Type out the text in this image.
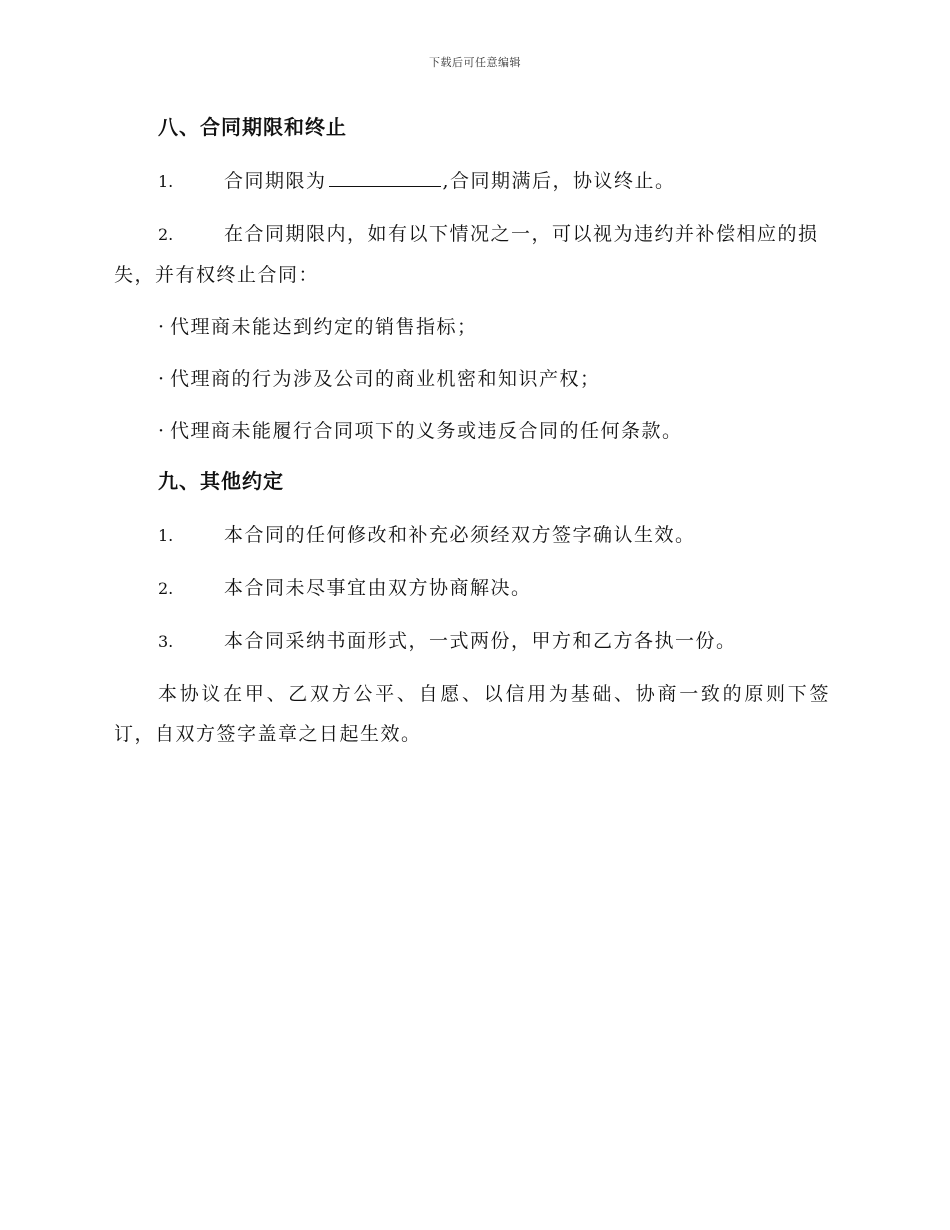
下载后可任意编辑
八、合同期限和终止
1.	合同期限为	,合同期满后，协议终止。
2.	在合同期限内，如有以下情况之一，可以视为违约并补偿相应的损失，并有权终止合同：
· 代理商未能达到约定的销售指标；
· 代理商的行为涉及公司的商业机密和知识产权；
· 代理商未能履行合同项下的义务或违反合同的任何条款。
九、其他约定
1.	本合同的任何修改和补充必须经双方签字确认生效。
2.	本合同未尽事宜由双方协商解决。
3.	本合同采纳书面形式，一式两份，甲方和乙方各执一份。

本协议在甲、乙双方公平、自愿、以信用为基础、协商一致的原则下签订，自双方签字盖章之日起生效。
